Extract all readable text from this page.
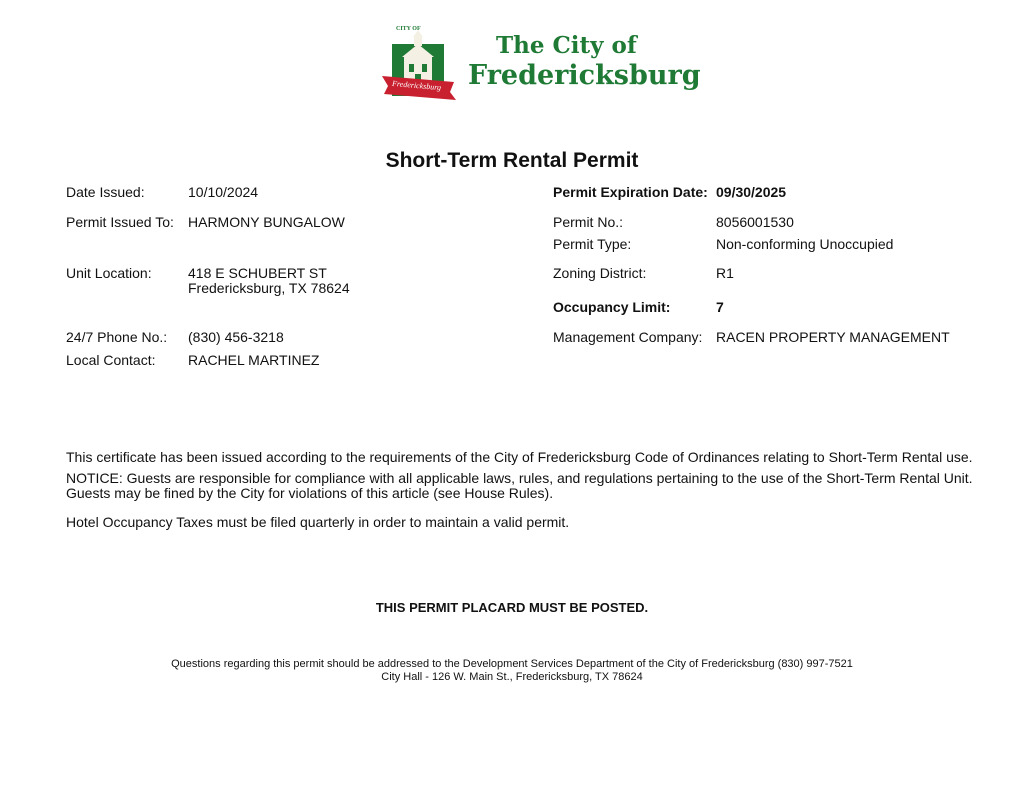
CITY OF
Fredericksburg
The City of
Fredericksburg
Short-Term Rental Permit
Date Issued:	10/10/2024
Permit Issued To: HARMONY BUNGALOW
Unit Location:	418 E SCHUBERT ST
Fredericksburg, TX 78624
24/7 Phone No.: (830) 456-3218
Local Contact: RACHEL MARTINEZ
Permit Expiration Date: 09/30/2025
Permit No.:	8056001530
Permit Type:	Non-conforming Unoccupied
Zoning District:	R1
Occupancy Limit:	7
Management Company: RACEN PROPERTY MANAGEMENT
This certificate has been issued according to the requirements of the City of Fredericksburg Code of Ordinances relating to Short-Term Rental use.
NOTICE: Guests are responsible for compliance with all applicable laws, rules, and regulations pertaining to the use of the Short-Term Rental Unit.
Guests may be fined by the City for violations of this article (see House Rules).
Hotel Occupancy Taxes must be filed quarterly in order to maintain a valid permit.
THIS PERMIT PLACARD MUST BE POSTED.
Questions regarding this permit should be addressed to the Development Services Department of the City of Fredericksburg (830) 997-7521
City Hall - 126 W. Main St., Fredericksburg, TX 78624
